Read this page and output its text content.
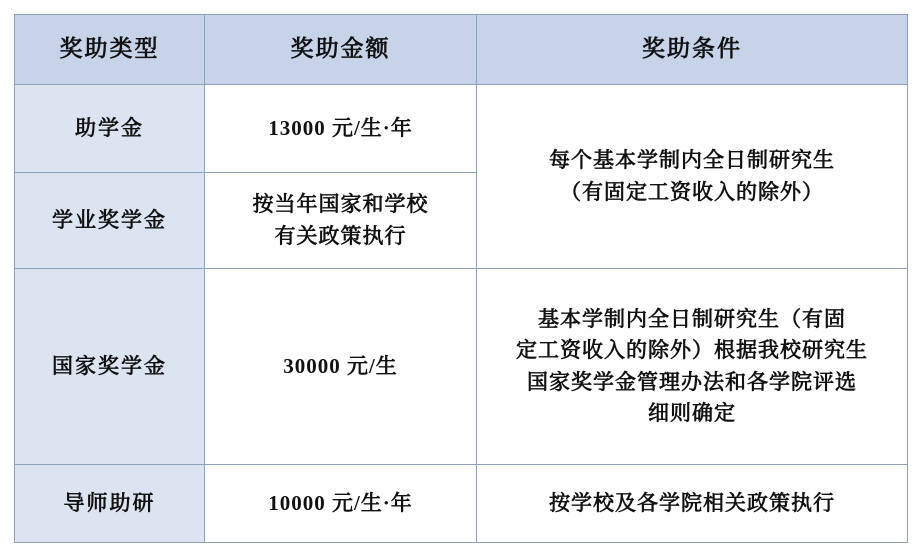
奖助类型	奖助金额	奖助条件
助学金	13000 元/生·年	每个基本学制内全日制研究生
（有固定工资收入的除外）

学业奖学金	按当年国家和学校
有关政策执行	

国家奖学金	30000 元/生	基本学制内全日制研究生（有固
定工资收入的除外）根据我校研究生
国家奖学金管理办法和各学院评选
细则确定

导师助研	10000 元/生·年	按学校及各学院相关政策执行
